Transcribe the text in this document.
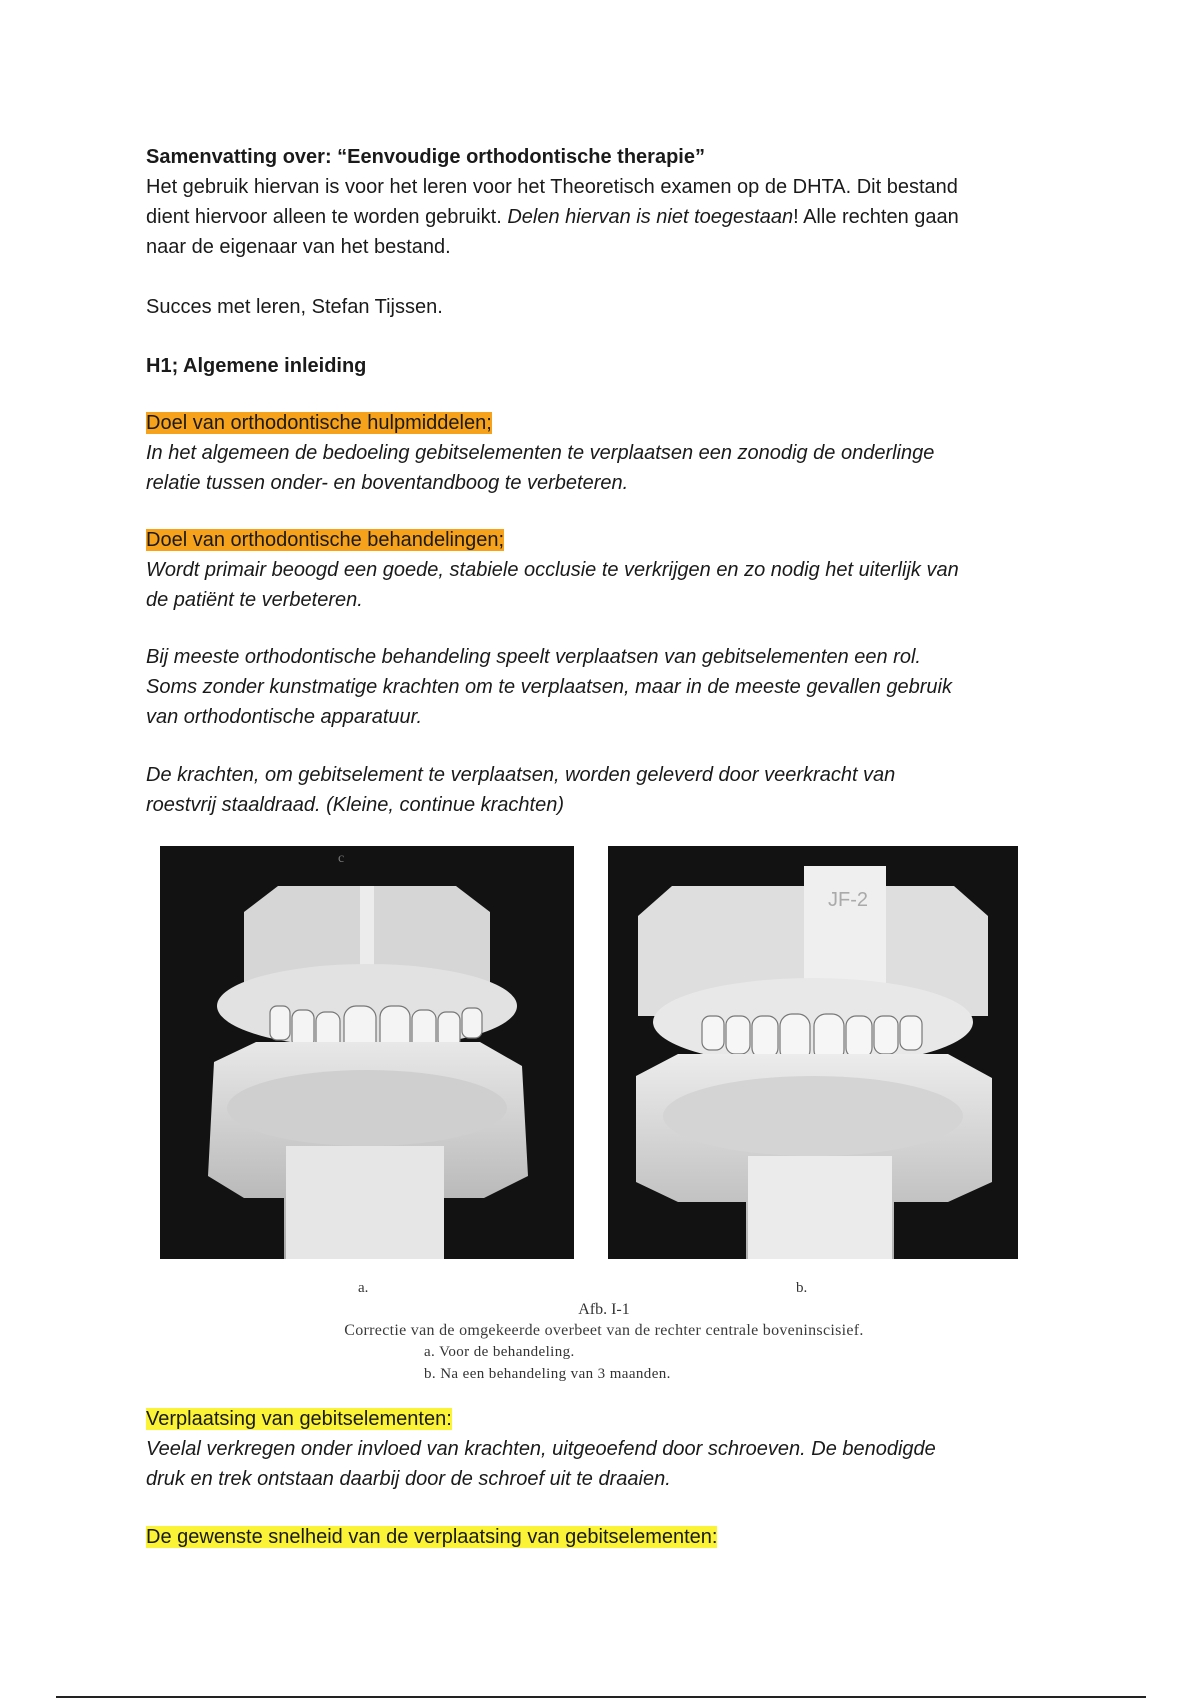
Samenvatting over: “Eenvoudige orthodontische therapie”
Het gebruik hiervan is voor het leren voor het Theoretisch examen op de DHTA. Dit bestand
dient hiervoor alleen te worden gebruikt. Delen hiervan is niet toegestaan! Alle rechten gaan
naar de eigenaar van het bestand.
Succes met leren, Stefan Tijssen.
H1; Algemene inleiding
Doel van orthodontische hulpmiddelen;
In het algemeen de bedoeling gebitselementen te verplaatsen een zonodig de onderlinge
relatie tussen onder- en boventandboog te verbeteren.
Doel van orthodontische behandelingen;
Wordt primair beoogd een goede, stabiele occlusie te verkrijgen en zo nodig het uiterlijk van
de patiënt te verbeteren.
Bij meeste orthodontische behandeling speelt verplaatsen van gebitselementen een rol.
Soms zonder kunstmatige krachten om te verplaatsen, maar in de meeste gevallen gebruik
van orthodontische apparatuur.
De krachten, om gebitselement te verplaatsen, worden geleverd door veerkracht van
roestvrij staaldraad. (Kleine, continue krachten)
c
JF-2
a.	b.
Afb. I-1
Correctie van de omgekeerde overbeet van de rechter centrale boveninscisief.
a. Voor de behandeling.
b. Na een behandeling van 3 maanden.
Verplaatsing van gebitselementen:
Veelal verkregen onder invloed van krachten, uitgeoefend door schroeven. De benodigde
druk en trek ontstaan daarbij door de schroef uit te draaien.
De gewenste snelheid van de verplaatsing van gebitselementen:
